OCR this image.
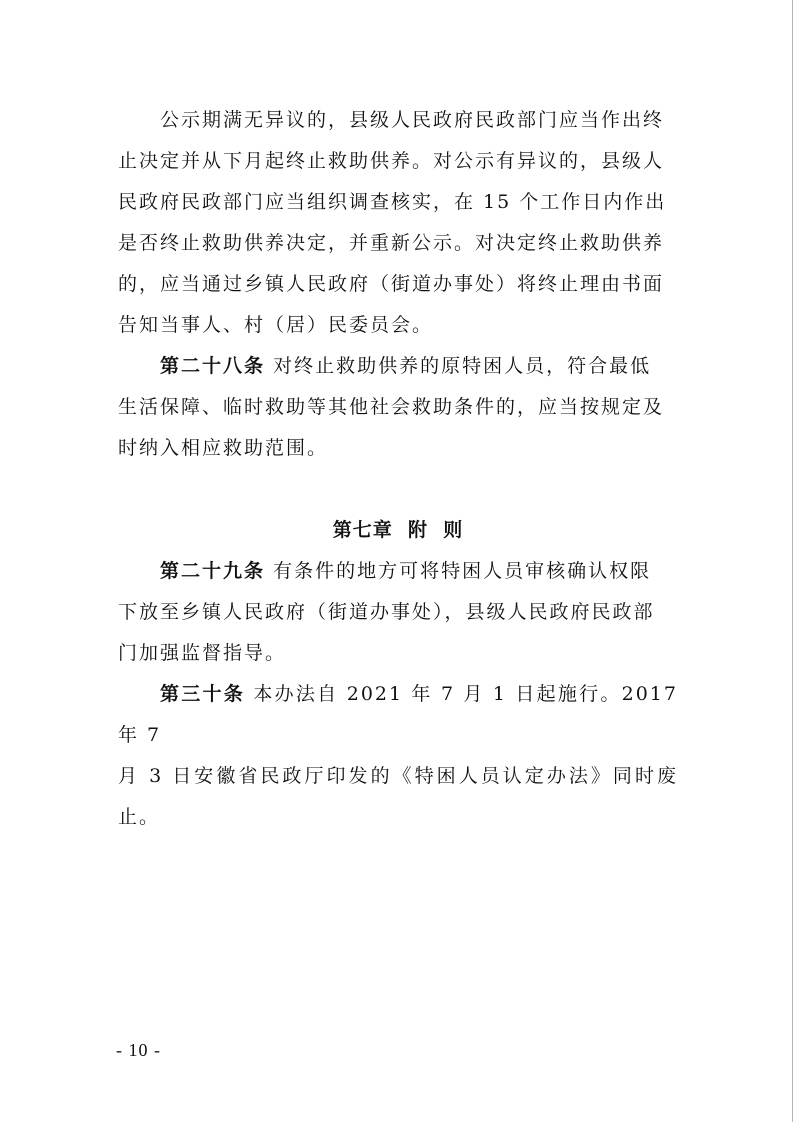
公示期满无异议的，县级人民政府民政部门应当作出终
止决定并从下月起终止救助供养。对公示有异议的，县级人
民政府民政部门应当组织调查核实，在 15 个工作日内作出
是否终止救助供养决定，并重新公示。对决定终止救助供养
的，应当通过乡镇人民政府（街道办事处）将终止理由书面
告知当事人、村（居）民委员会。

第二十八条 对终止救助供养的原特困人员，符合最低
生活保障、临时救助等其他社会救助条件的，应当按规定及
时纳入相应救助范围。

第七章  附  则

第二十九条 有条件的地方可将特困人员审核确认权限
下放至乡镇人民政府（街道办事处），县级人民政府民政部
门加强监督指导。

第三十条 本办法自 2021 年 7 月 1 日起施行。2017 年 7
月 3 日安徽省民政厅印发的《特困人员认定办法》同时废止。

- 10 -
